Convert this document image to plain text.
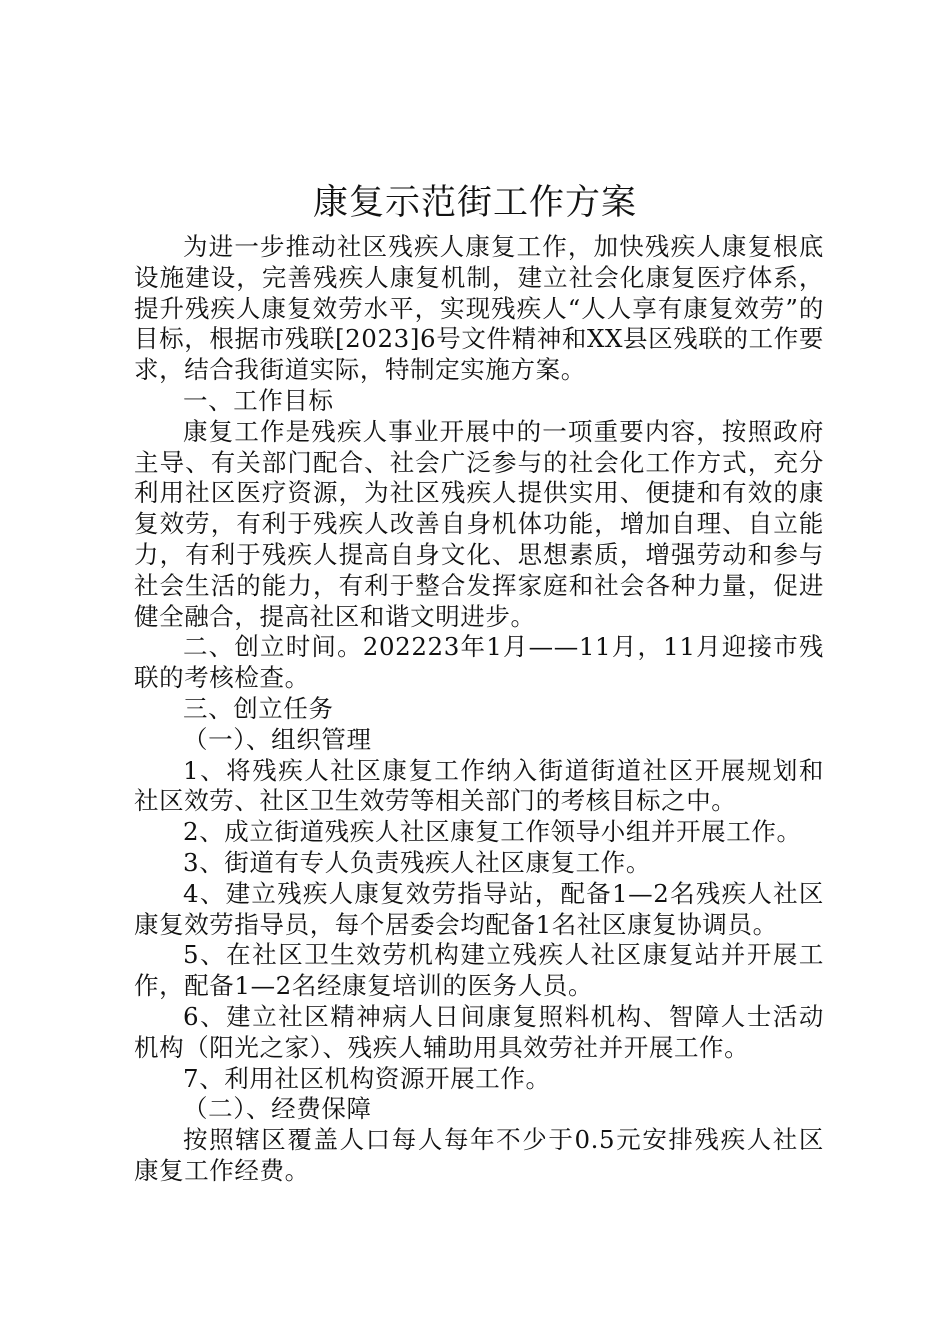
康复示范街工作方案

为进一步推动社区残疾人康复工作，加快残疾人康复根底设施建设，完善残疾人康复机制，建立社会化康复医疗体系，提升残疾人康复效劳水平，实现残疾人“人人享有康复效劳”的目标，根据市残联[2023]6号文件精神和XX县区残联的工作要求，结合我街道实际，特制定实施方案。

一、工作目标

康复工作是残疾人事业开展中的一项重要内容，按照政府主导、有关部门配合、社会广泛参与的社会化工作方式，充分利用社区医疗资源，为社区残疾人提供实用、便捷和有效的康复效劳，有利于残疾人改善自身机体功能，增加自理、自立能力，有利于残疾人提高自身文化、思想素质，增强劳动和参与社会生活的能力，有利于整合发挥家庭和社会各种力量，促进健全融合，提高社区和谐文明进步。

二、创立时间。202223年1月——11月，11月迎接市残联的考核检查。

三、创立任务

（一）、组织管理

1、将残疾人社区康复工作纳入街道街道社区开展规划和社区效劳、社区卫生效劳等相关部门的考核目标之中。

2、成立街道残疾人社区康复工作领导小组并开展工作。

3、街道有专人负责残疾人社区康复工作。

4、建立残疾人康复效劳指导站，配备1—2名残疾人社区康复效劳指导员，每个居委会均配备1名社区康复协调员。

5、在社区卫生效劳机构建立残疾人社区康复站并开展工作，配备1—2名经康复培训的医务人员。

6、建立社区精神病人日间康复照料机构、智障人士活动机构（阳光之家）、残疾人辅助用具效劳社并开展工作。

7、利用社区机构资源开展工作。

（二）、经费保障

按照辖区覆盖人口每人每年不少于0.5元安排残疾人社区康复工作经费。
